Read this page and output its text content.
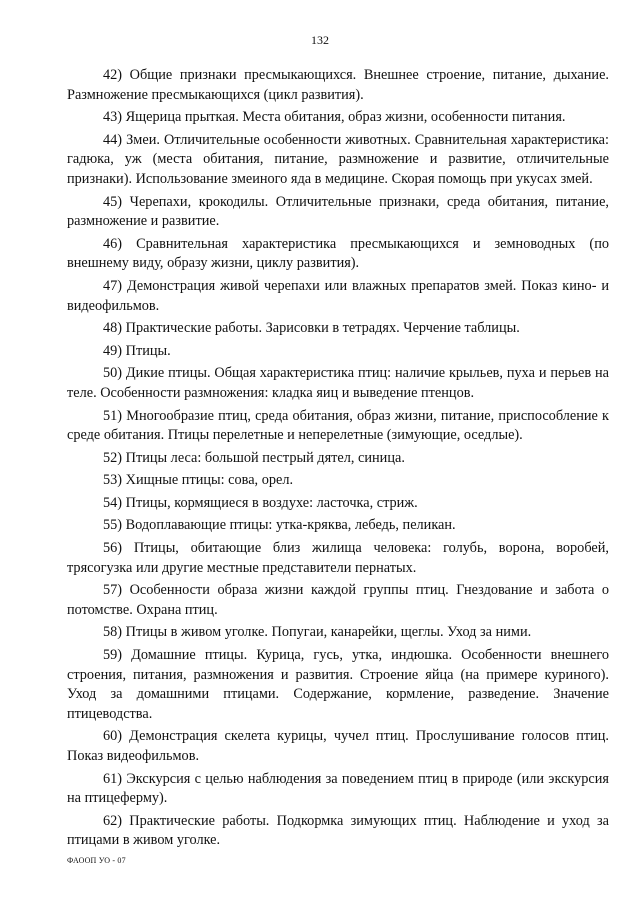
132

42) Общие признаки пресмыкающихся. Внешнее строение, питание, дыхание. Размножение пресмыкающихся (цикл развития).

43) Ящерица прыткая. Места обитания, образ жизни, особенности питания.

44) Змеи. Отличительные особенности животных. Сравнительная характеристика: гадюка, уж (места обитания, питание, размножение и развитие, отличительные признаки). Использование змеиного яда в медицине. Скорая помощь при укусах змей.

45) Черепахи, крокодилы. Отличительные признаки, среда обитания, питание, размножение и развитие.

46) Сравнительная характеристика пресмыкающихся и земноводных (по внешнему виду, образу жизни, циклу развития).

47) Демонстрация живой черепахи или влажных препаратов змей. Показ кино- и видеофильмов.

48) Практические работы. Зарисовки в тетрадях. Черчение таблицы.

49) Птицы.

50) Дикие птицы. Общая характеристика птиц: наличие крыльев, пуха и перьев на теле. Особенности размножения: кладка яиц и выведение птенцов.

51) Многообразие птиц, среда обитания, образ жизни, питание, приспособление к среде обитания. Птицы перелетные и неперелетные (зимующие, оседлые).

52) Птицы леса: большой пестрый дятел, синица.

53) Хищные птицы: сова, орел.

54) Птицы, кормящиеся в воздухе: ласточка, стриж.

55) Водоплавающие птицы: утка-кряква, лебедь, пеликан.

56) Птицы, обитающие близ жилища человека: голубь, ворона, воробей, трясогузка или другие местные представители пернатых.

57) Особенности образа жизни каждой группы птиц. Гнездование и забота о потомстве. Охрана птиц.

58) Птицы в живом уголке. Попугаи, канарейки, щеглы. Уход за ними.

59) Домашние птицы. Курица, гусь, утка, индюшка. Особенности внешнего строения, питания, размножения и развития. Строение яйца (на примере куриного). Уход за домашними птицами. Содержание, кормление, разведение. Значение птицеводства.

60) Демонстрация скелета курицы, чучел птиц. Прослушивание голосов птиц. Показ видеофильмов.

61) Экскурсия с целью наблюдения за поведением птиц в природе (или экскурсия на птицеферму).

62) Практические работы. Подкормка зимующих птиц. Наблюдение и уход за птицами в живом уголке.

ФАООП УО - 07
